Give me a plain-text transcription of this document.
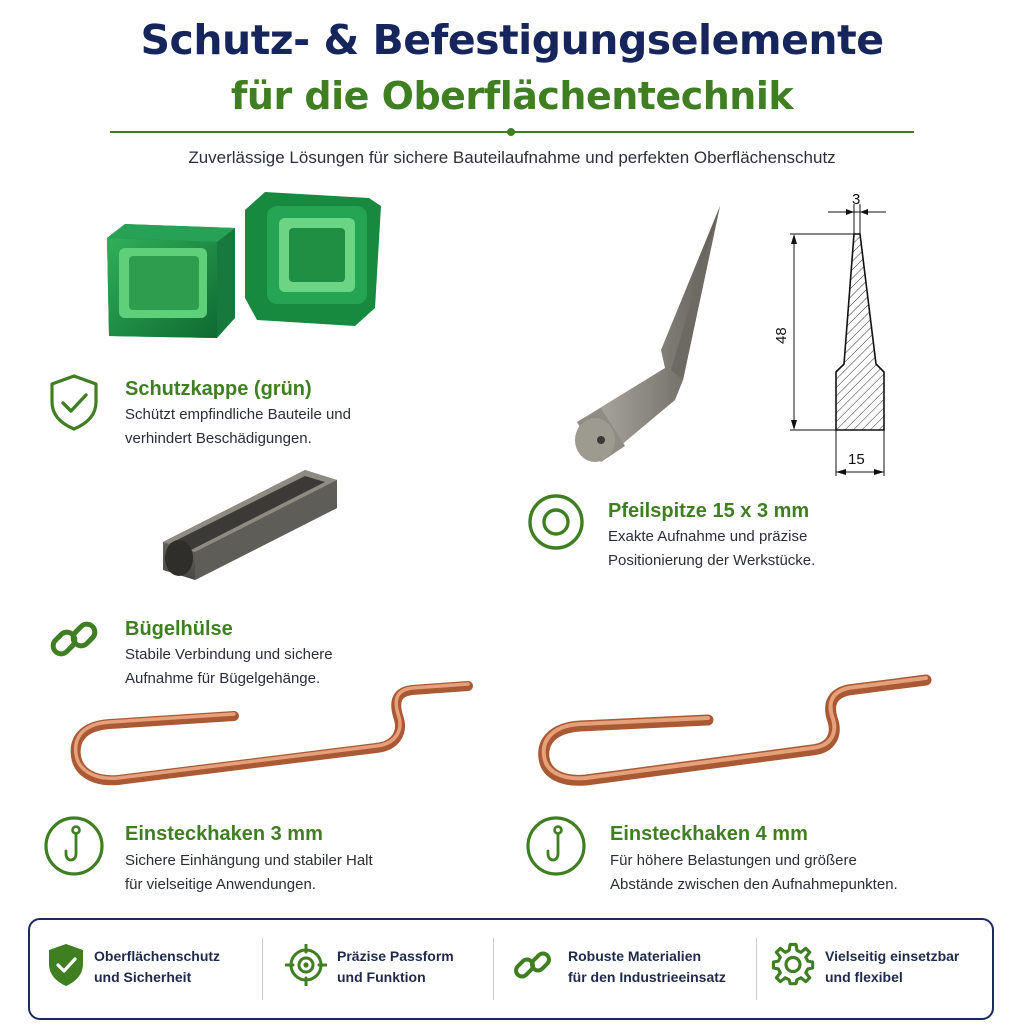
Schutz- & Befestigungselemente
für die Oberflächentechnik
Zuverlässige Lösungen für sichere Bauteilaufnahme und perfekten Oberflächenschutz
Schutzkappe (grün)
Schützt empfindliche Bauteile und
verhindert Beschädigungen.
Bügelhülse
Stabile Verbindung und sichere
Aufnahme für Bügelgehänge.
3
48
15
Pfeilspitze 15 x 3 mm
Exakte Aufnahme und präzise
Positionierung der Werkstücke.
Einsteckhaken 3 mm
Sichere Einhängung und stabiler Halt
für vielseitige Anwendungen.
Einsteckhaken 4 mm
Für höhere Belastungen und größere
Abstände zwischen den Aufnahmepunkten.
Oberflächenschutz
und Sicherheit
Präzise Passform
und Funktion
Robuste Materialien
für den Industrieeinsatz
Vielseitig einsetzbar
und flexibel
